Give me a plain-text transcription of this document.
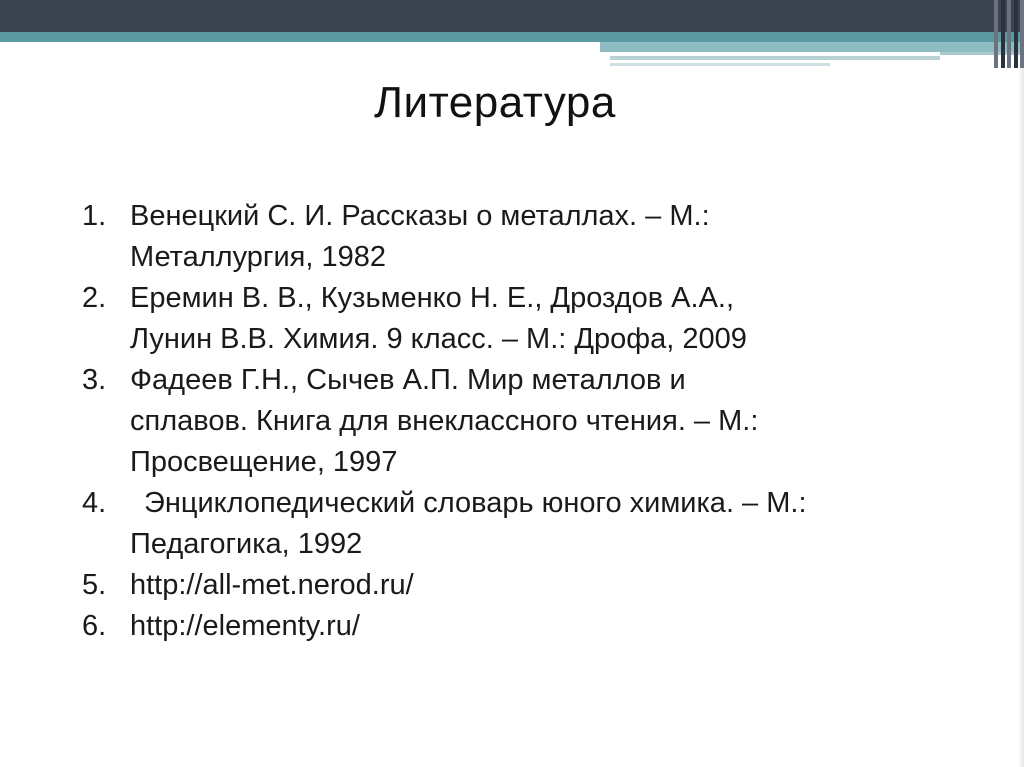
Литература
1. Венецкий С. И. Рассказы о металлах. – М.:
Металлургия, 1982
2. Еремин В. В., Кузьменко Н. Е., Дроздов А.А.,
Лунин В.В. Химия. 9 класс. – М.: Дрофа, 2009
3. Фадеев Г.Н., Сычев А.П. Мир металлов и
сплавов. Книга для внеклассного чтения. – М.:
Просвещение, 1997
4.	Энциклопедический словарь юного химика. – М.:
Педагогика, 1992
5. http://all-met.nerod.ru/
6. http://elementy.ru/
